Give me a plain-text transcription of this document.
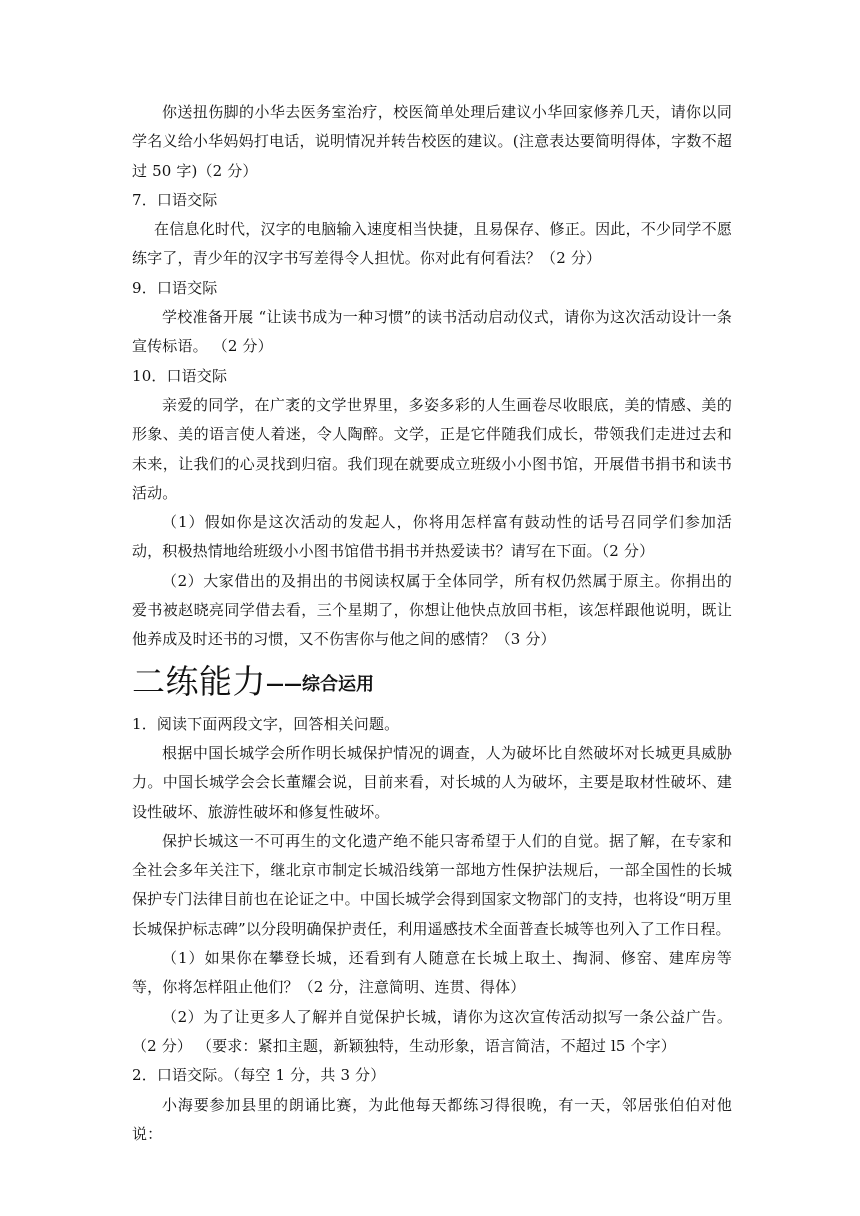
你送扭伤脚的小华去医务室治疗，校医简单处理后建议小华回家修养几天，请你以同学名义给小华妈妈打电话，说明情况并转告校医的建议。(注意表达要简明得体，字数不超过 50 字)（2 分）

7．口语交际

在信息化时代，汉字的电脑输入速度相当快捷，且易保存、修正。因此，不少同学不愿练字了，青少年的汉字书写差得令人担忧。你对此有何看法？（2 分）

9．口语交际

学校准备开展 “让读书成为一种习惯”的读书活动启动仪式，请你为这次活动设计一条宣传标语。 （2 分）

10．口语交际

亲爱的同学，在广袤的文学世界里，多姿多彩的人生画卷尽收眼底，美的情感、美的形象、美的语言使人着迷，令人陶醉。文学，正是它伴随我们成长，带领我们走进过去和未来，让我们的心灵找到归宿。我们现在就要成立班级小小图书馆，开展借书捐书和读书活动。

（1）假如你是这次活动的发起人，你将用怎样富有鼓动性的话号召同学们参加活动，积极热情地给班级小小图书馆借书捐书并热爱读书？请写在下面。（2 分）

（2）大家借出的及捐出的书阅读权属于全体同学，所有权仍然属于原主。你捐出的爱书被赵晓亮同学借去看，三个星期了，你想让他快点放回书柜，该怎样跟他说明，既让他养成及时还书的习惯，又不伤害你与他之间的感情？（3 分）

二练能力 ——综合运用

1．阅读下面两段文字，回答相关问题。

根据中国长城学会所作明长城保护情况的调查，人为破坏比自然破坏对长城更具威胁力。中国长城学会会长董耀会说，目前来看，对长城的人为破坏，主要是取材性破坏、建设性破坏、旅游性破坏和修复性破坏。

保护长城这一不可再生的文化遗产绝不能只寄希望于人们的自觉。据了解，在专家和全社会多年关注下，继北京市制定长城沿线第一部地方性保护法规后，一部全国性的长城保护专门法律目前也在论证之中。中国长城学会得到国家文物部门的支持，也将设“明万里长城保护标志碑”以分段明确保护责任，利用遥感技术全面普查长城等也列入了工作日程。

（1）如果你在攀登长城，还看到有人随意在长城上取土、掏洞、修窑、建库房等等，你将怎样阻止他们？（2 分，注意简明、连贯、得体）

（2）为了让更多人了解并自觉保护长城，请你为这次宣传活动拟写一条公益广告。（2 分） （要求：紧扣主题，新颖独特，生动形象，语言简洁，不超过 l5 个字）

2．口语交际。（每空 1 分，共 3 分）

小海要参加县里的朗诵比赛，为此他每天都练习得很晚，有一天，邻居张伯伯对他说：
